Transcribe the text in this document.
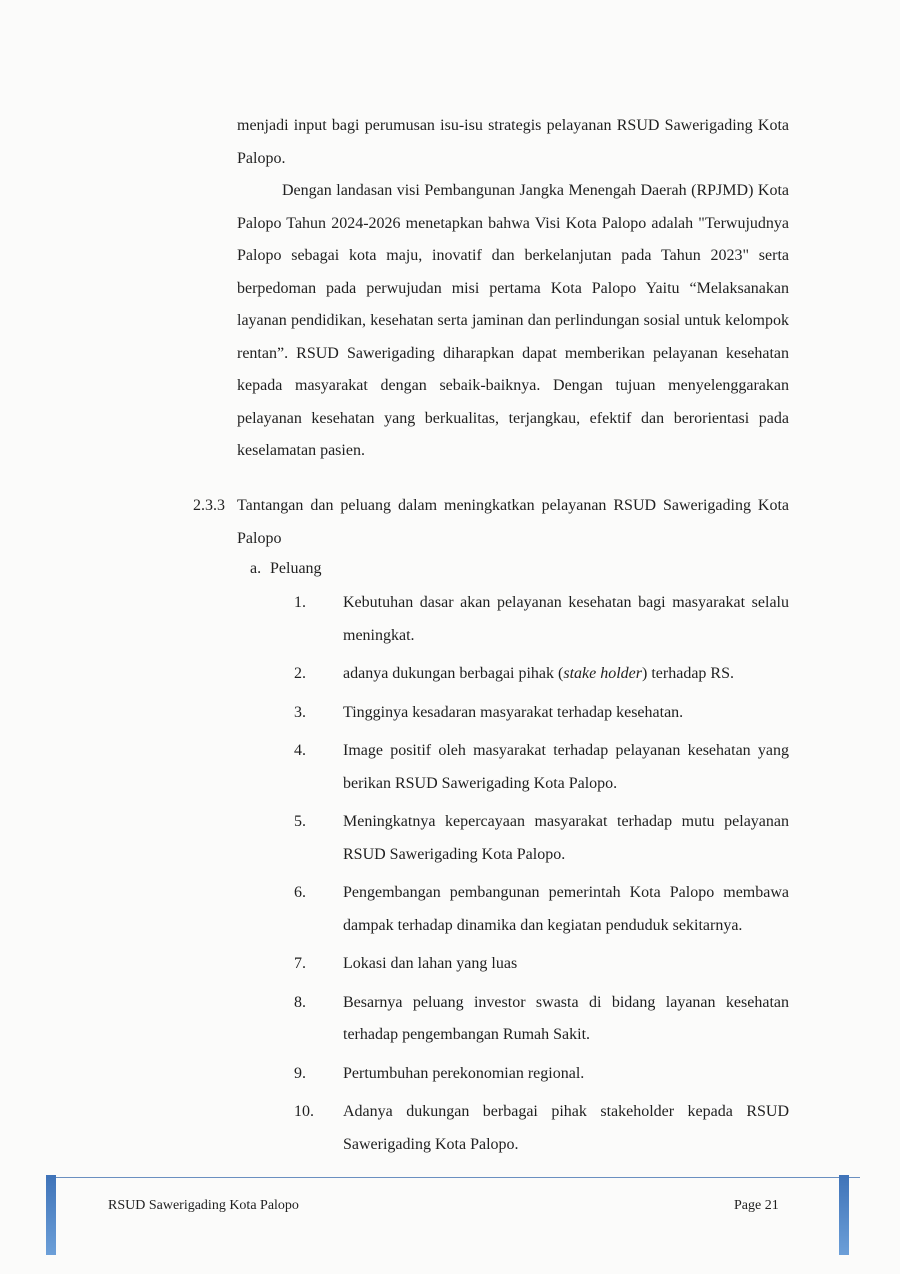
menjadi input bagi perumusan isu-isu strategis pelayanan RSUD Sawerigading Kota Palopo.

Dengan landasan visi Pembangunan Jangka Menengah Daerah (RPJMD) Kota Palopo Tahun 2024-2026 menetapkan bahwa Visi Kota Palopo adalah "Terwujudnya Palopo sebagai kota maju, inovatif dan berkelanjutan pada Tahun 2023" serta berpedoman pada perwujudan misi pertama Kota Palopo Yaitu “Melaksanakan layanan pendidikan, kesehatan serta jaminan dan perlindungan sosial untuk kelompok rentan”. RSUD Sawerigading diharapkan dapat memberikan pelayanan kesehatan kepada masyarakat dengan sebaik-baiknya. Dengan tujuan menyelenggarakan pelayanan kesehatan yang berkualitas, terjangkau, efektif dan berorientasi pada keselamatan pasien.

2.3.3 Tantangan dan peluang dalam meningkatkan pelayanan RSUD Sawerigading Kota Palopo
a. Peluang
1. Kebutuhan dasar akan pelayanan kesehatan bagi masyarakat selalu meningkat.
2. adanya dukungan berbagai pihak (stake holder) terhadap RS.
3. Tingginya kesadaran masyarakat terhadap kesehatan.
4. Image positif oleh masyarakat terhadap pelayanan kesehatan yang berikan RSUD Sawerigading Kota Palopo.
5. Meningkatnya kepercayaan masyarakat terhadap mutu pelayanan RSUD Sawerigading Kota Palopo.
6. Pengembangan pembangunan pemerintah Kota Palopo membawa dampak terhadap dinamika dan kegiatan penduduk sekitarnya.
7. Lokasi dan lahan yang luas
8. Besarnya peluang investor swasta di bidang layanan kesehatan terhadap pengembangan Rumah Sakit.
9. Pertumbuhan perekonomian regional.
10. Adanya dukungan berbagai pihak stakeholder kepada RSUD Sawerigading Kota Palopo.
RSUD Sawerigading Kota Palopo	Page 21
